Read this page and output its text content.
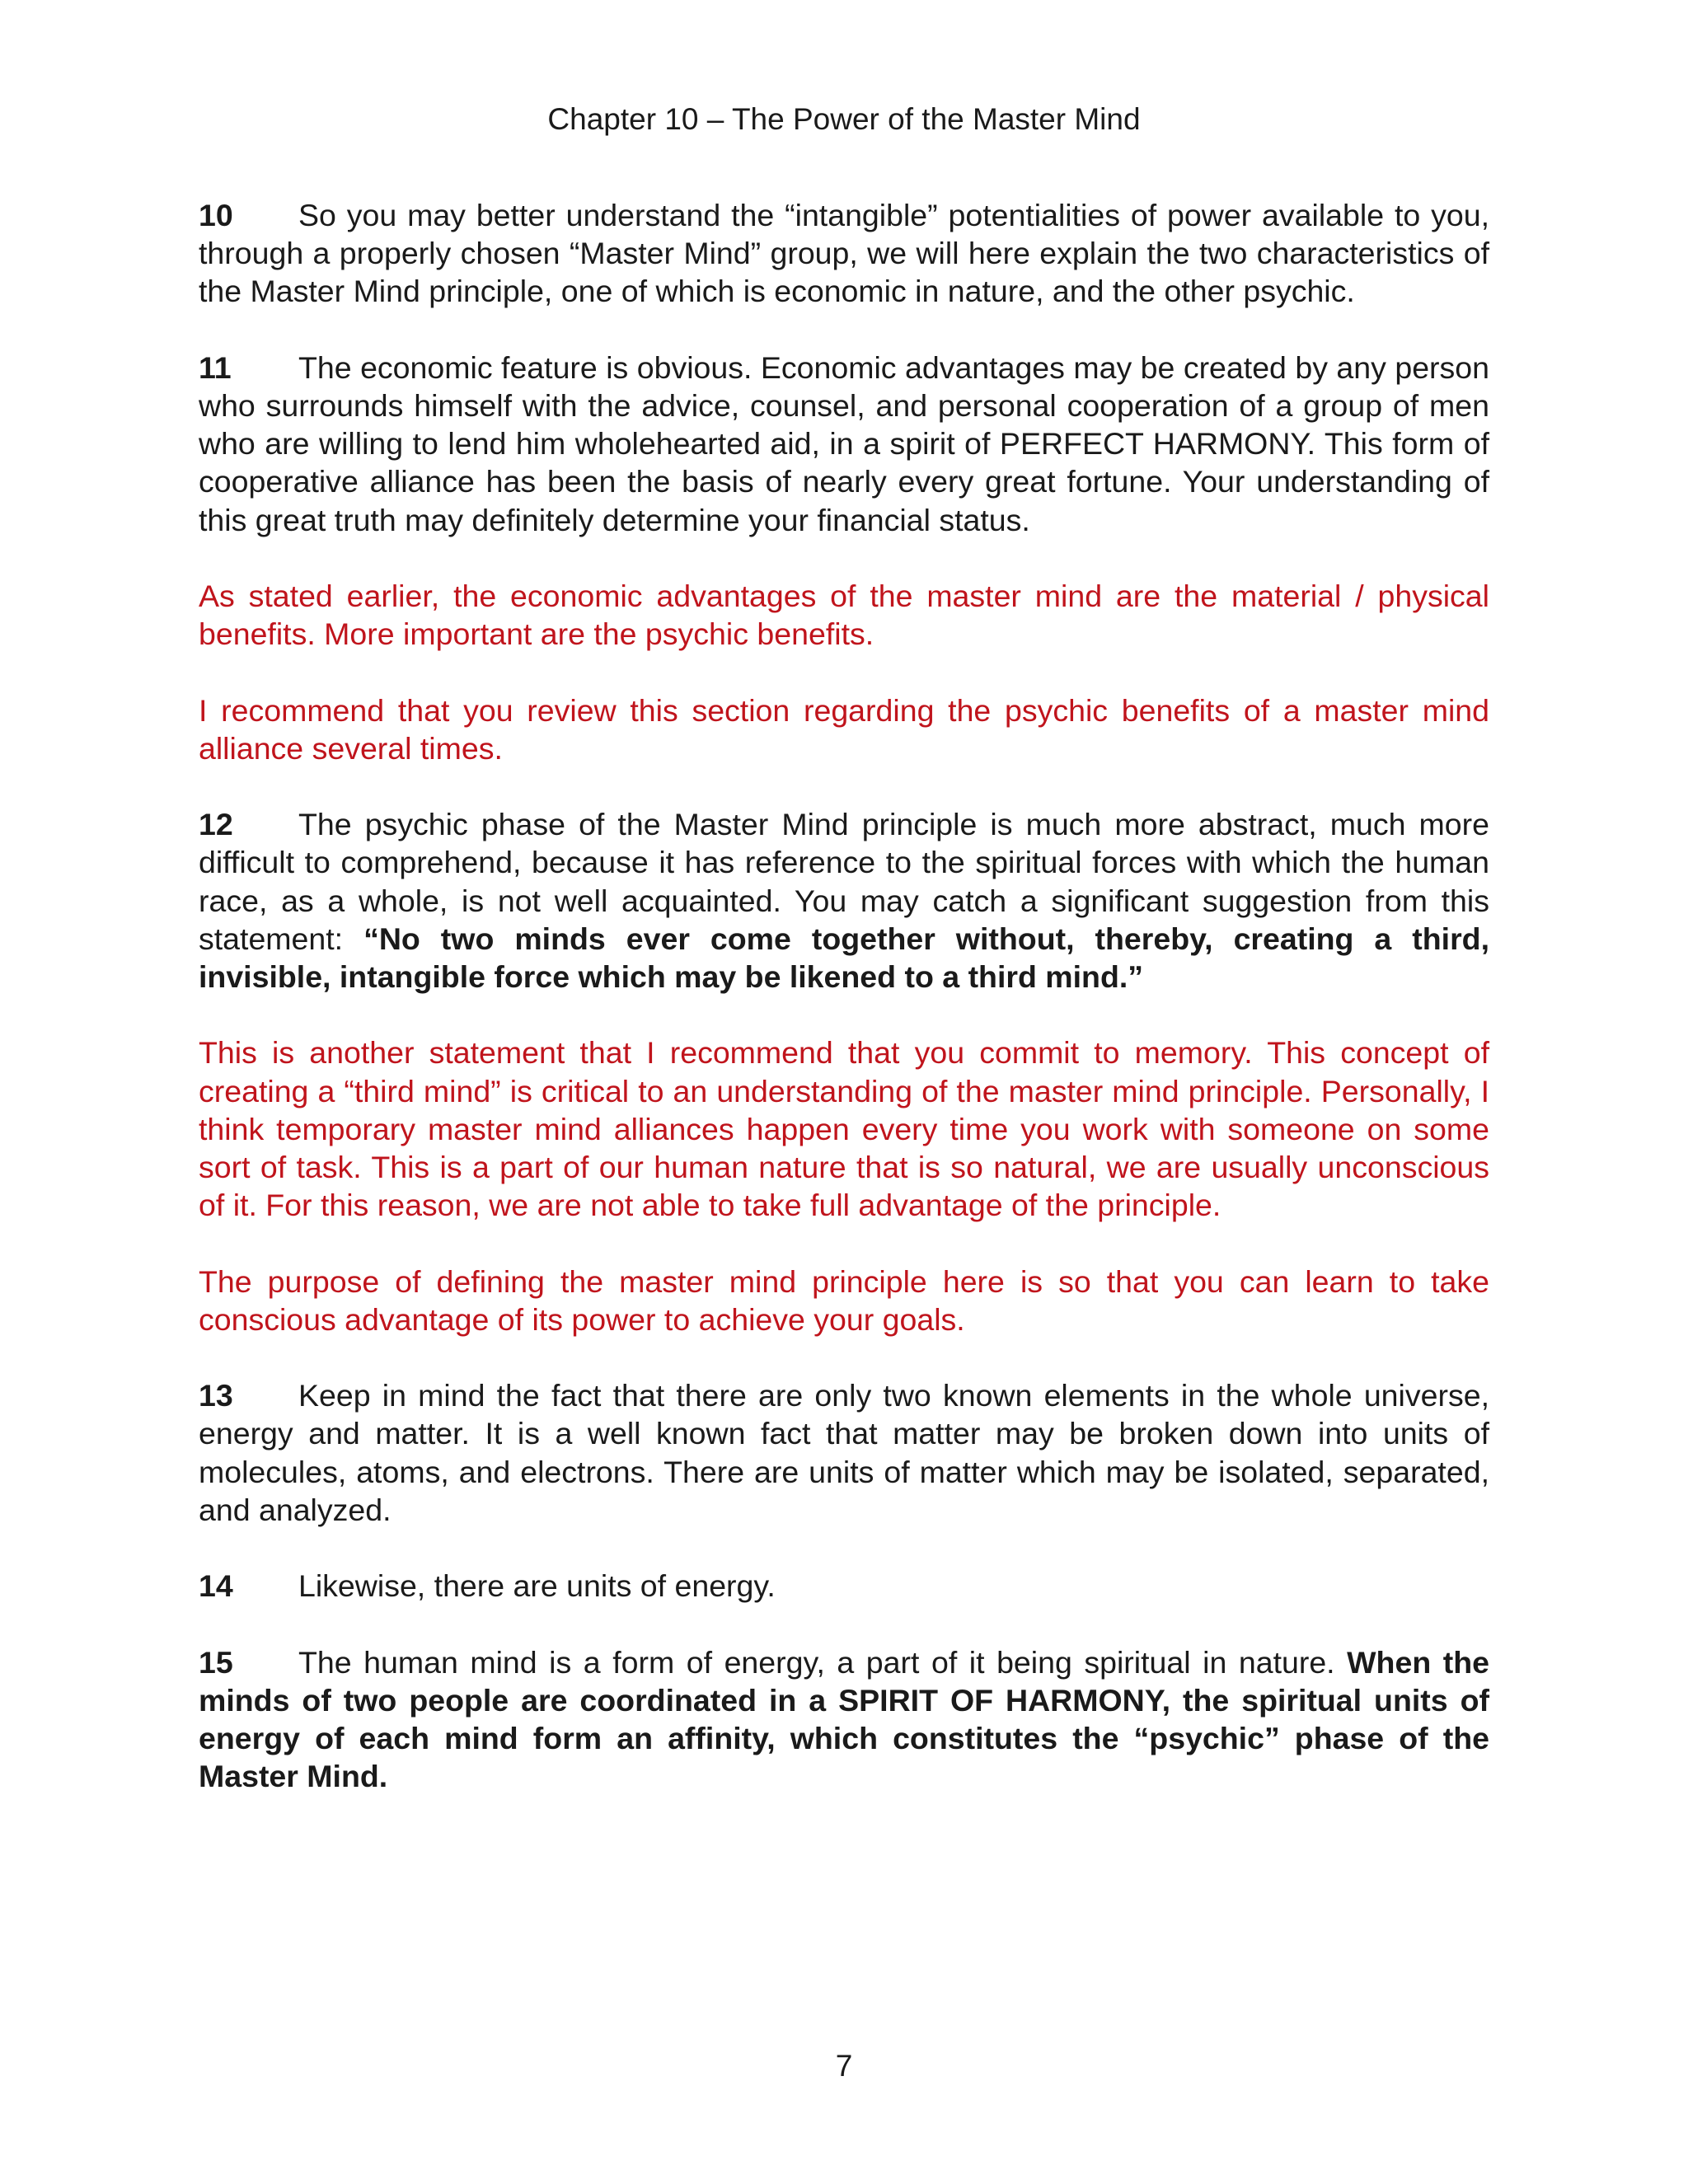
Chapter 10 – The Power of the Master Mind

10 So you may better understand the “intangible” potentialities of power available to you, through a properly chosen “Master Mind” group, we will here explain the two characteristics of the Master Mind principle, one of which is economic in nature, and the other psychic.

11 The economic feature is obvious. Economic advantages may be created by any person who surrounds himself with the advice, counsel, and personal cooperation of a group of men who are willing to lend him wholehearted aid, in a spirit of PERFECT HARMONY. This form of cooperative alliance has been the basis of nearly every great fortune. Your understanding of this great truth may definitely determine your financial status.

As stated earlier, the economic advantages of the master mind are the material / physical benefits. More important are the psychic benefits.

I recommend that you review this section regarding the psychic benefits of a master mind alliance several times.

12 The psychic phase of the Master Mind principle is much more abstract, much more difficult to comprehend, because it has reference to the spiritual forces with which the human race, as a whole, is not well acquainted. You may catch a significant suggestion from this statement: “No two minds ever come together without, thereby, creating a third, invisible, intangible force which may be likened to a third mind.”

This is another statement that I recommend that you commit to memory. This concept of creating a “third mind” is critical to an understanding of the master mind principle. Personally, I think temporary master mind alliances happen every time you work with someone on some sort of task. This is a part of our human nature that is so natural, we are usually unconscious of it. For this reason, we are not able to take full advantage of the principle.

The purpose of defining the master mind principle here is so that you can learn to take conscious advantage of its power to achieve your goals.

13 Keep in mind the fact that there are only two known elements in the whole universe, energy and matter. It is a well known fact that matter may be broken down into units of molecules, atoms, and electrons. There are units of matter which may be isolated, separated, and analyzed.

14 Likewise, there are units of energy.

15 The human mind is a form of energy, a part of it being spiritual in nature. When the minds of two people are coordinated in a SPIRIT OF HARMONY, the spiritual units of energy of each mind form an affinity, which constitutes the “psychic” phase of the Master Mind.

7
